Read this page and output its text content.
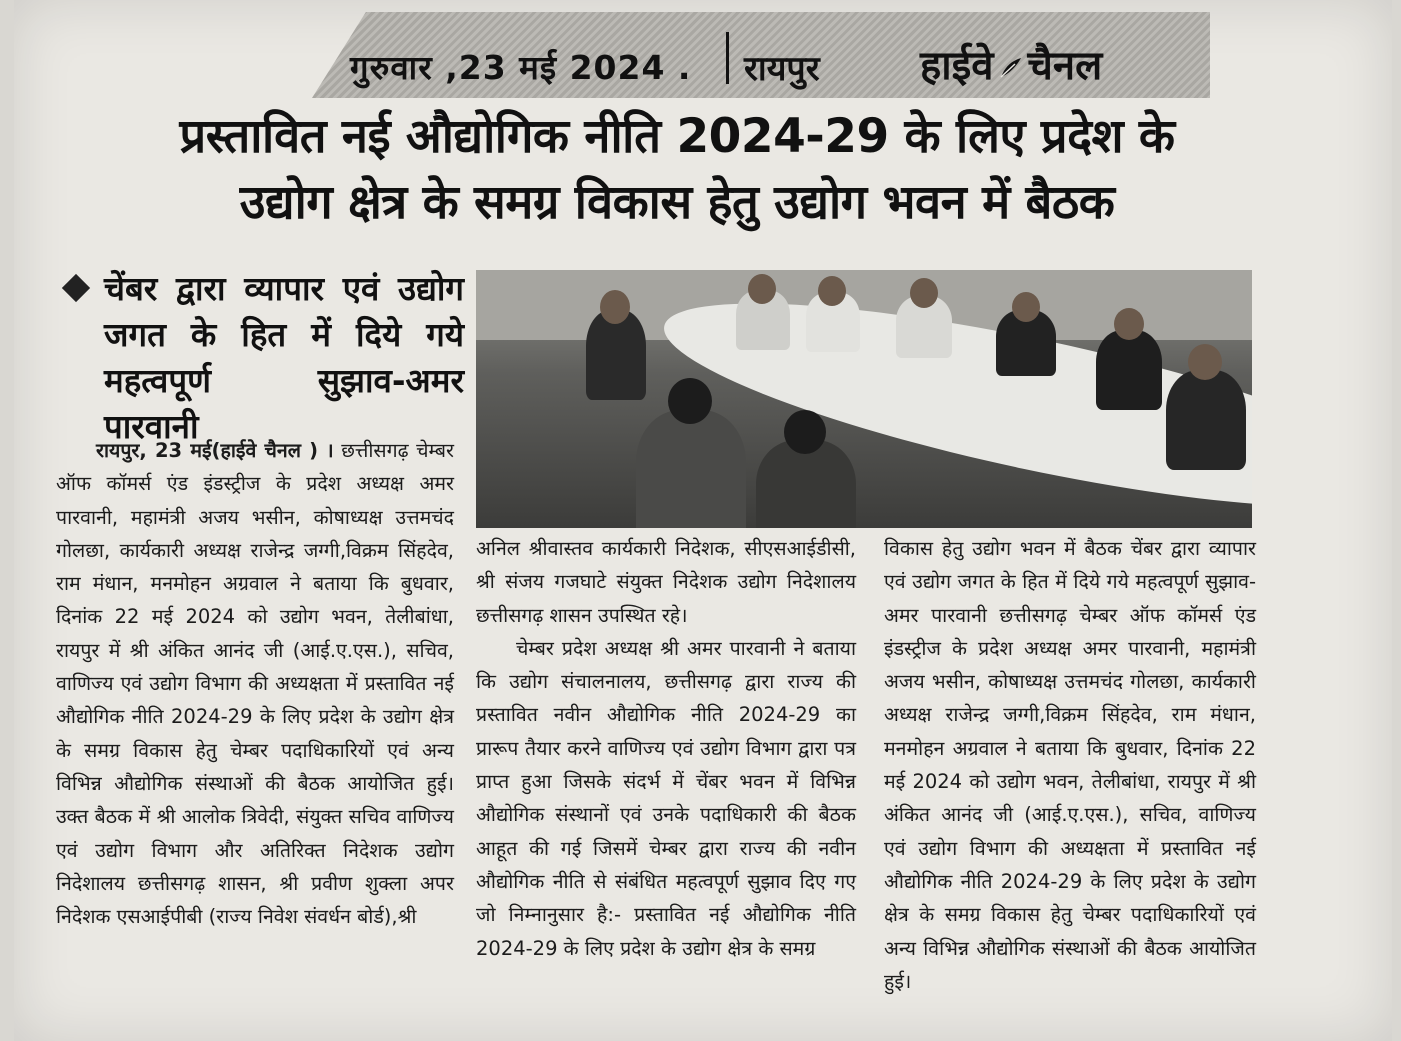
गुरुवार ,23 मई 2024 . रायपुर	हाईवे चैनल
प्रस्तावित नई औद्योगिक नीति 2024-29 के लिए प्रदेश के
उद्योग क्षेत्र के समग्र विकास हेतु उद्योग भवन में बैठक
चेंबर द्वारा व्यापार एवं उद्योग जगत के हित में दिये गये महत्वपूर्ण सुझाव-अमर पारवानी

रायपुर, 23 मई(हाईवे चैनल ) । छत्तीसगढ़ चेम्बर ऑफ कॉमर्स एंड इंडस्ट्रीज के प्रदेश अध्यक्ष अमर पारवानी, महामंत्री अजय भसीन, कोषाध्यक्ष उत्तमचंद गोलछा, कार्यकारी अध्यक्ष राजेन्द्र जग्गी,विक्रम सिंहदेव, राम मंधान, मनमोहन अग्रवाल ने बताया कि बुधवार, दिनांक 22 मई 2024 को उद्योग भवन, तेलीबांधा, रायपुर में श्री अंकित आनंद जी (आई.ए.एस.), सचिव, वाणिज्य एवं उद्योग विभाग की अध्यक्षता में प्रस्तावित नई औद्योगिक नीति 2024-29 के लिए प्रदेश के उद्योग क्षेत्र के समग्र विकास हेतु चेम्बर पदाधिकारियों एवं अन्य विभिन्न औद्योगिक संस्थाओं की बैठक आयोजित हुई। उक्त बैठक में श्री आलोक त्रिवेदी, संयुक्त सचिव वाणिज्य एवं उद्योग विभाग और अतिरिक्त निदेशक उद्योग निदेशालय छत्तीसगढ़ शासन, श्री प्रवीण शुक्ला अपर निदेशक एसआईपीबी (राज्य निवेश संवर्धन बोर्ड),श्री

अनिल श्रीवास्तव कार्यकारी निदेशक, सीएसआईडीसी, श्री संजय गजघाटे संयुक्त निदेशक उद्योग निदेशालय छत्तीसगढ़ शासन उपस्थित रहे।

चेम्बर प्रदेश अध्यक्ष श्री अमर पारवानी ने बताया कि उद्योग संचालनालय, छत्तीसगढ़ द्वारा राज्य की प्रस्तावित नवीन औद्योगिक नीति 2024-29 का प्रारूप तैयार करने वाणिज्य एवं उद्योग विभाग द्वारा पत्र प्राप्त हुआ जिसके संदर्भ में चेंबर भवन में विभिन्न औद्योगिक संस्थानों एवं उनके पदाधिकारी की बैठक आहूत की गई जिसमें चेम्बर द्वारा राज्य की नवीन औद्योगिक नीति से संबंधित महत्वपूर्ण सुझाव दिए गए जो निम्नानुसार है:- प्रस्तावित नई औद्योगिक नीति 2024-29 के लिए प्रदेश के उद्योग क्षेत्र के समग्र

विकास हेतु उद्योग भवन में बैठक चेंबर द्वारा व्यापार एवं उद्योग जगत के हित में दिये गये महत्वपूर्ण सुझाव- अमर पारवानी छत्तीसगढ़ चेम्बर ऑफ कॉमर्स एंड इंडस्ट्रीज के प्रदेश अध्यक्ष अमर पारवानी, महामंत्री अजय भसीन, कोषाध्यक्ष उत्तमचंद गोलछा, कार्यकारी अध्यक्ष राजेन्द्र जग्गी,विक्रम सिंहदेव, राम मंधान, मनमोहन अग्रवाल ने बताया कि बुधवार, दिनांक 22 मई 2024 को उद्योग भवन, तेलीबांधा, रायपुर में श्री अंकित आनंद जी (आई.ए.एस.), सचिव, वाणिज्य एवं उद्योग विभाग की अध्यक्षता में प्रस्तावित नई औद्योगिक नीति 2024-29 के लिए प्रदेश के उद्योग क्षेत्र के समग्र विकास हेतु चेम्बर पदाधिकारियों एवं अन्य विभिन्न औद्योगिक संस्थाओं की बैठक आयोजित हुई।
